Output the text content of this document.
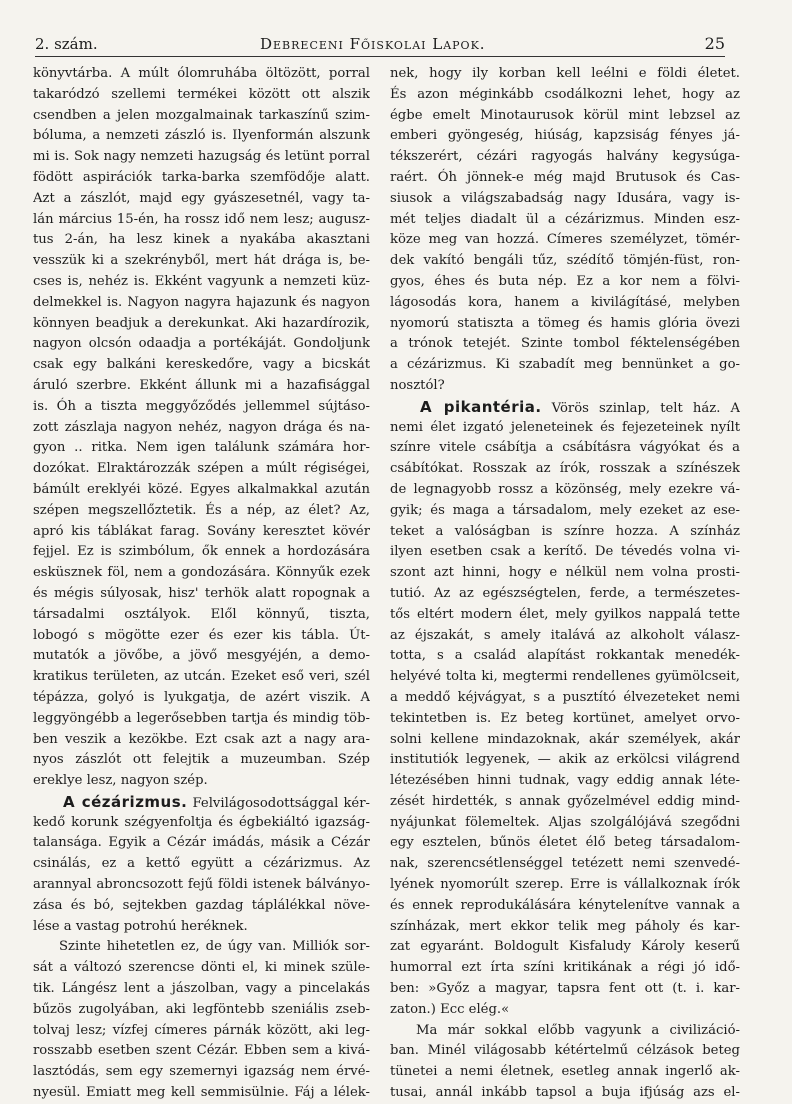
2. szám.	Debreceni Főiskolai Lapok.	25
könyvtárba. A múlt ólomruhába öltözött, porral
takaródzó szellemi termékei között ott alszik
csendben a jelen mozgalmainak tarkaszínű szim-
bóluma, a nemzeti zászló is. Ilyenformán alszunk
mi is. Sok nagy nemzeti hazugság és letünt porral
födött aspirációk tarka-barka szemfödője alatt.
Azt a zászlót, majd egy gyászesetnél, vagy ta-
lán március 15-én, ha rossz idő nem lesz; augusz-
tus 2-án, ha lesz kinek a nyakába akasztani
vesszük ki a szekrényből, mert hát drága is, be-
cses is, nehéz is. Ekként vagyunk a nemzeti küz-
delmekkel is. Nagyon nagyra hajazunk és nagyon
könnyen beadjuk a derekunkat. Aki hazardírozik,
nagyon olcsón odaadja a portékáját. Gondoljunk
csak egy balkáni kereskedőre, vagy a bicskát
áruló szerbre. Ekként állunk mi a hazafisággal
is. Óh a tiszta meggyőződés jellemmel sújtáso-
zott zászlaja nagyon nehéz, nagyon drága és na-
gyon .. ritka. Nem igen találunk számára hor-
dozókat. Elraktározzák szépen a múlt régiségei,
bámúlt ereklyéi közé. Egyes alkalmakkal azután
szépen megszellőztetik. És a nép, az élet? Az,
apró kis táblákat farag. Sovány keresztet kövér
fejjel. Ez is szimbólum, ők ennek a hordozására
esküsznek föl, nem a gondozására. Könnyűk ezek
és mégis súlyosak, hisz' terhök alatt ropognak a
társadalmi osztályok. Elől könnyű, tiszta,
lobogó s mögötte ezer és ezer kis tábla. Út-
mutatók a jövőbe, a jövő mesgyéjén, a demo-
kratikus területen, az utcán. Ezeket eső veri, szél
tépázza, golyó is lyukgatja, de azért viszik. A
leggyöngébb a legerősebben tartja és mindig töb-
ben veszik a kezökbe. Ezt csak azt a nagy ara-
nyos zászlót ott felejtik a muzeumban. Szép
ereklye lesz, nagyon szép.
A cézárizmus. Felvilágosodottsággal kér-
kedő korunk szégyenfoltja és égbekiáltó igazság-
talansága. Egyik a Cézár imádás, másik a Cézár
csinálás, ez a kettő együtt a cézárizmus. Az
arannyal abroncsozott fejű földi istenek bálványo-
zása és bó, sejtekben gazdag táplálékkal növe-
lése a vastag potrohú heréknek.
Szinte hihetetlen ez, de úgy van. Milliók sor-
sát a változó szerencse dönti el, ki minek szüle-
tik. Lángész lent a jászolban, vagy a pincelakás
bűzös zugolyában, aki legföntebb szeniális zseb-
tolvaj lesz; vízfej címeres párnák között, aki leg-
rosszabb esetben szent Cézár. Ebben sem a kivá-
lasztódás, sem egy szemernyi igazság nem érvé-
nyesül. Emiatt meg kell semmisülnie. Fáj a lélek-
nek, hogy ily korban kell leélni e földi életet.
És azon méginkább csodálkozni lehet, hogy az
égbe emelt Minotaurusok körül mint lebzsel az
emberi gyöngeség, hiúság, kapzsiság fényes já-
tékszerért, cézári ragyogás halvány kegysúga-
raért. Óh jönnek-e még majd Brutusok és Cas-
siusok a világszabadság nagy Idusára, vagy is-
mét teljes diadalt ül a cézárizmus. Minden esz-
köze meg van hozzá. Címeres személyzet, tömér-
dek vakító bengáli tűz, szédítő tömjén-füst, ron-
gyos, éhes és buta nép. Ez a kor nem a fölvi-
lágosodás kora, hanem a kivilágításé, melyben
nyomorú statiszta a tömeg és hamis glória övezi
a trónok tetejét. Szinte tombol féktelenségében
a cézárizmus. Ki szabadít meg bennünket a go-
nosztól?
A pikantéria. Vörös szinlap, telt ház. A
nemi élet izgató jeleneteinek és fejezeteinek nyílt
színre vitele csábítja a csábításra vágyókat és a
csábítókat. Rosszak az írók, rosszak a színészek
de legnagyobb rossz a közönség, mely ezekre vá-
gyik; és maga a társadalom, mely ezeket az ese-
teket a valóságban is színre hozza. A színház
ilyen esetben csak a kerítő. De tévedés volna vi-
szont azt hinni, hogy e nélkül nem volna prosti-
tutió. Az az egészségtelen, ferde, a természetes-
tős eltért modern élet, mely gyilkos nappalá tette
az éjszakát, s amely italává az alkoholt válasz-
totta, s a család alapítást rokkantak menedék-
helyévé tolta ki, megtermi rendellenes gyümölcseit,
a meddő kéjvágyat, s a pusztító élvezeteket nemi
tekintetben is. Ez beteg kortünet, amelyet orvo-
solni kellene mindazoknak, akár személyek, akár
institutiók legyenek, — akik az erkölcsi világrend
létezésében hinni tudnak, vagy eddig annak léte-
zését hirdették, s annak győzelmével eddig mind-
nyájunkat fölemeltek. Aljas szolgálójává szegődni
egy esztelen, bűnös életet élő beteg társadalom-
nak, szerencsétlenséggel tetézett nemi szenvedé-
lyének nyomorúlt szerep. Erre is vállalkoznak írók
és ennek reprodukálására kénytelenítve vannak a
színházak, mert ekkor telik meg páholy és kar-
zat egyaránt. Boldogult Kisfaludy Károly keserű
humorral ezt írta színi kritikának a régi jó idő-
ben: »Győz a magyar, tapsra fent ott (t. i. kar-
zaton.) Ecc elég.«
Ma már sokkal előbb vagyunk a civilizáció-
ban. Minél világosabb kétértelmű célzások beteg
tünetei a nemi életnek, esetleg annak ingerlő ak-
tusai, annál inkább tapsol a buja ifjúság azs el-
